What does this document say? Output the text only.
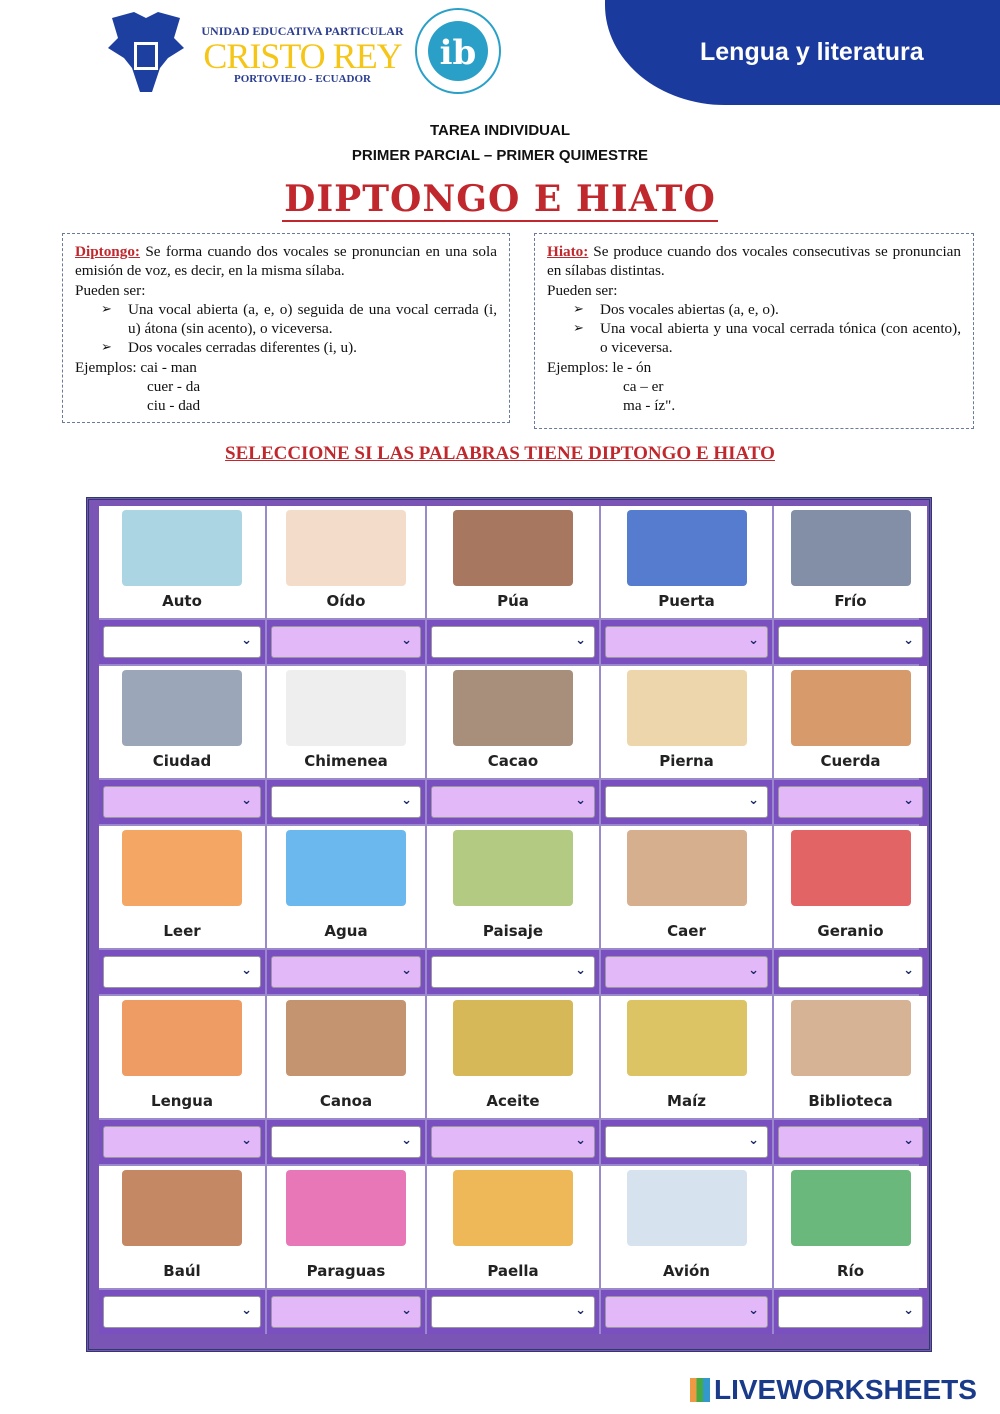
Lengua y literatura
UNIDAD EDUCATIVA PARTICULAR
CRISTO REY
PORTOVIEJO - ECUADOR
ib
TAREA INDIVIDUAL
PRIMER PARCIAL – PRIMER QUIMESTRE
DIPTONGO E HIATO
Diptongo: Se forma cuando dos vocales se pronuncian en una sola emisión de voz, es decir, en la misma sílaba.
Pueden ser:
➢ Una vocal abierta (a, e, o) seguida de una vocal cerrada (i, u) átona (sin acento), o viceversa.
➢ Dos vocales cerradas diferentes (i, u).
Ejemplos: cai - man
cuer - da
ciu - dad
Hiato: Se produce cuando dos vocales consecutivas se pronuncian en sílabas distintas.
Pueden ser:
➢ Dos vocales abiertas (a, e, o).
➢ Una vocal abierta y una vocal cerrada tónica (con acento), o viceversa.
Ejemplos: le - ón
ca – er
ma - íz".
SELECCIONE SI LAS PALABRAS TIENE DIPTONGO E HIATO
Auto	Oído	Púa	Puerta	Frío
⌄	⌄	⌄	⌄	⌄
Ciudad	Chimenea	Cacao	Pierna	Cuerda
⌄	⌄	⌄	⌄	⌄
Leer	Agua	Paisaje	Caer	Geranio
⌄	⌄	⌄	⌄	⌄
Lengua	Canoa	Aceite	Maíz	Biblioteca
⌄	⌄	⌄	⌄	⌄
Baúl	Paraguas	Paella	Avión	Río
⌄	⌄	⌄	⌄	⌄
LIVEWORKSHEETS
